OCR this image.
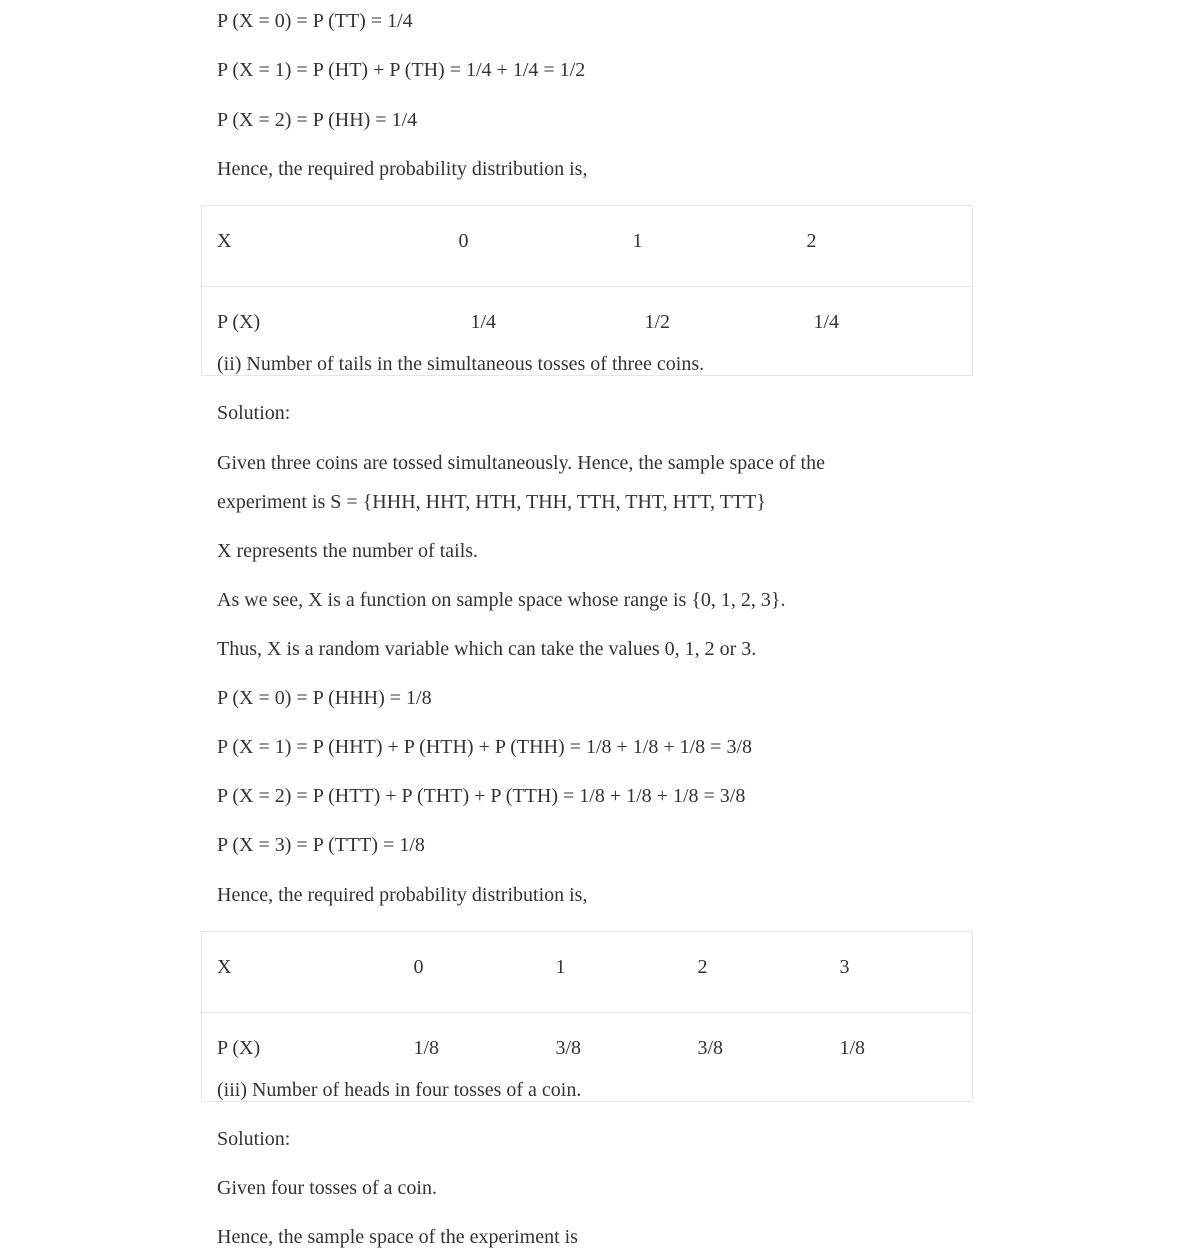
P (X = 0) = P (TT) = 1/4

P (X = 1) = P (HT) + P (TH) = 1/4 + 1/4 = 1/2

P (X = 2) = P (HH) = 1/4

Hence, the required probability distribution is,

X	0	1	2
P (X)	1/4	1/2	1/4

(ii) Number of tails in the simultaneous tosses of three coins.

Solution:

Given three coins are tossed simultaneously. Hence, the sample space of the

experiment is S = {HHH, HHT, HTH, THH, TTH, THT, HTT, TTT}

X represents the number of tails.

As we see, X is a function on sample space whose range is {0, 1, 2, 3}.

Thus, X is a random variable which can take the values 0, 1, 2 or 3.

P (X = 0) = P (HHH) = 1/8

P (X = 1) = P (HHT) + P (HTH) + P (THH) = 1/8 + 1/8 + 1/8 = 3/8

P (X = 2) = P (HTT) + P (THT) + P (TTH) = 1/8 + 1/8 + 1/8 = 3/8

P (X = 3) = P (TTT) = 1/8

Hence, the required probability distribution is,

X	0	1	2	3
P (X)	1/8	3/8	3/8	1/8

(iii) Number of heads in four tosses of a coin.

Solution:

Given four tosses of a coin.

Hence, the sample space of the experiment is
